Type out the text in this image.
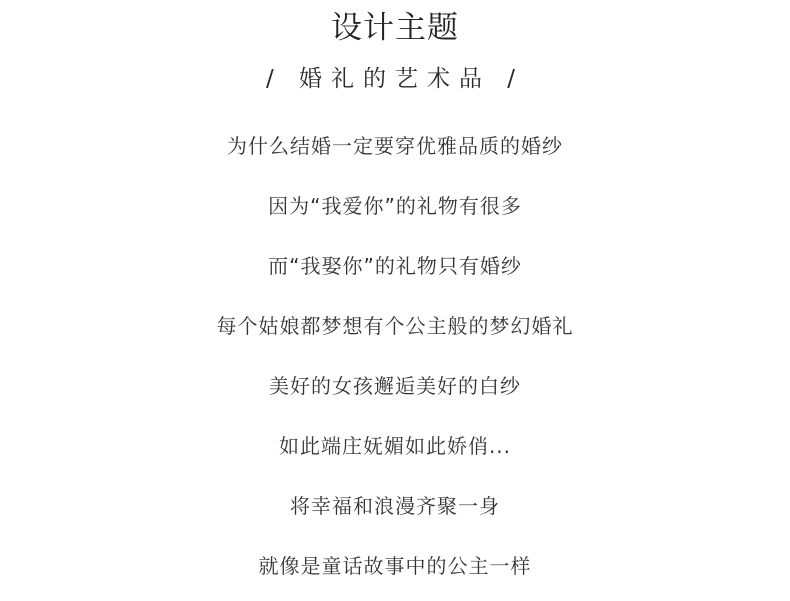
设计主题
/ 婚礼的艺术品 /
为什么结婚一定要穿优雅品质的婚纱
因为“我爱你”的礼物有很多
而“我娶你”的礼物只有婚纱
每个姑娘都梦想有个公主般的梦幻婚礼
美好的女孩邂逅美好的白纱
如此端庄妩媚如此娇俏...
将幸福和浪漫齐聚一身
就像是童话故事中的公主一样
